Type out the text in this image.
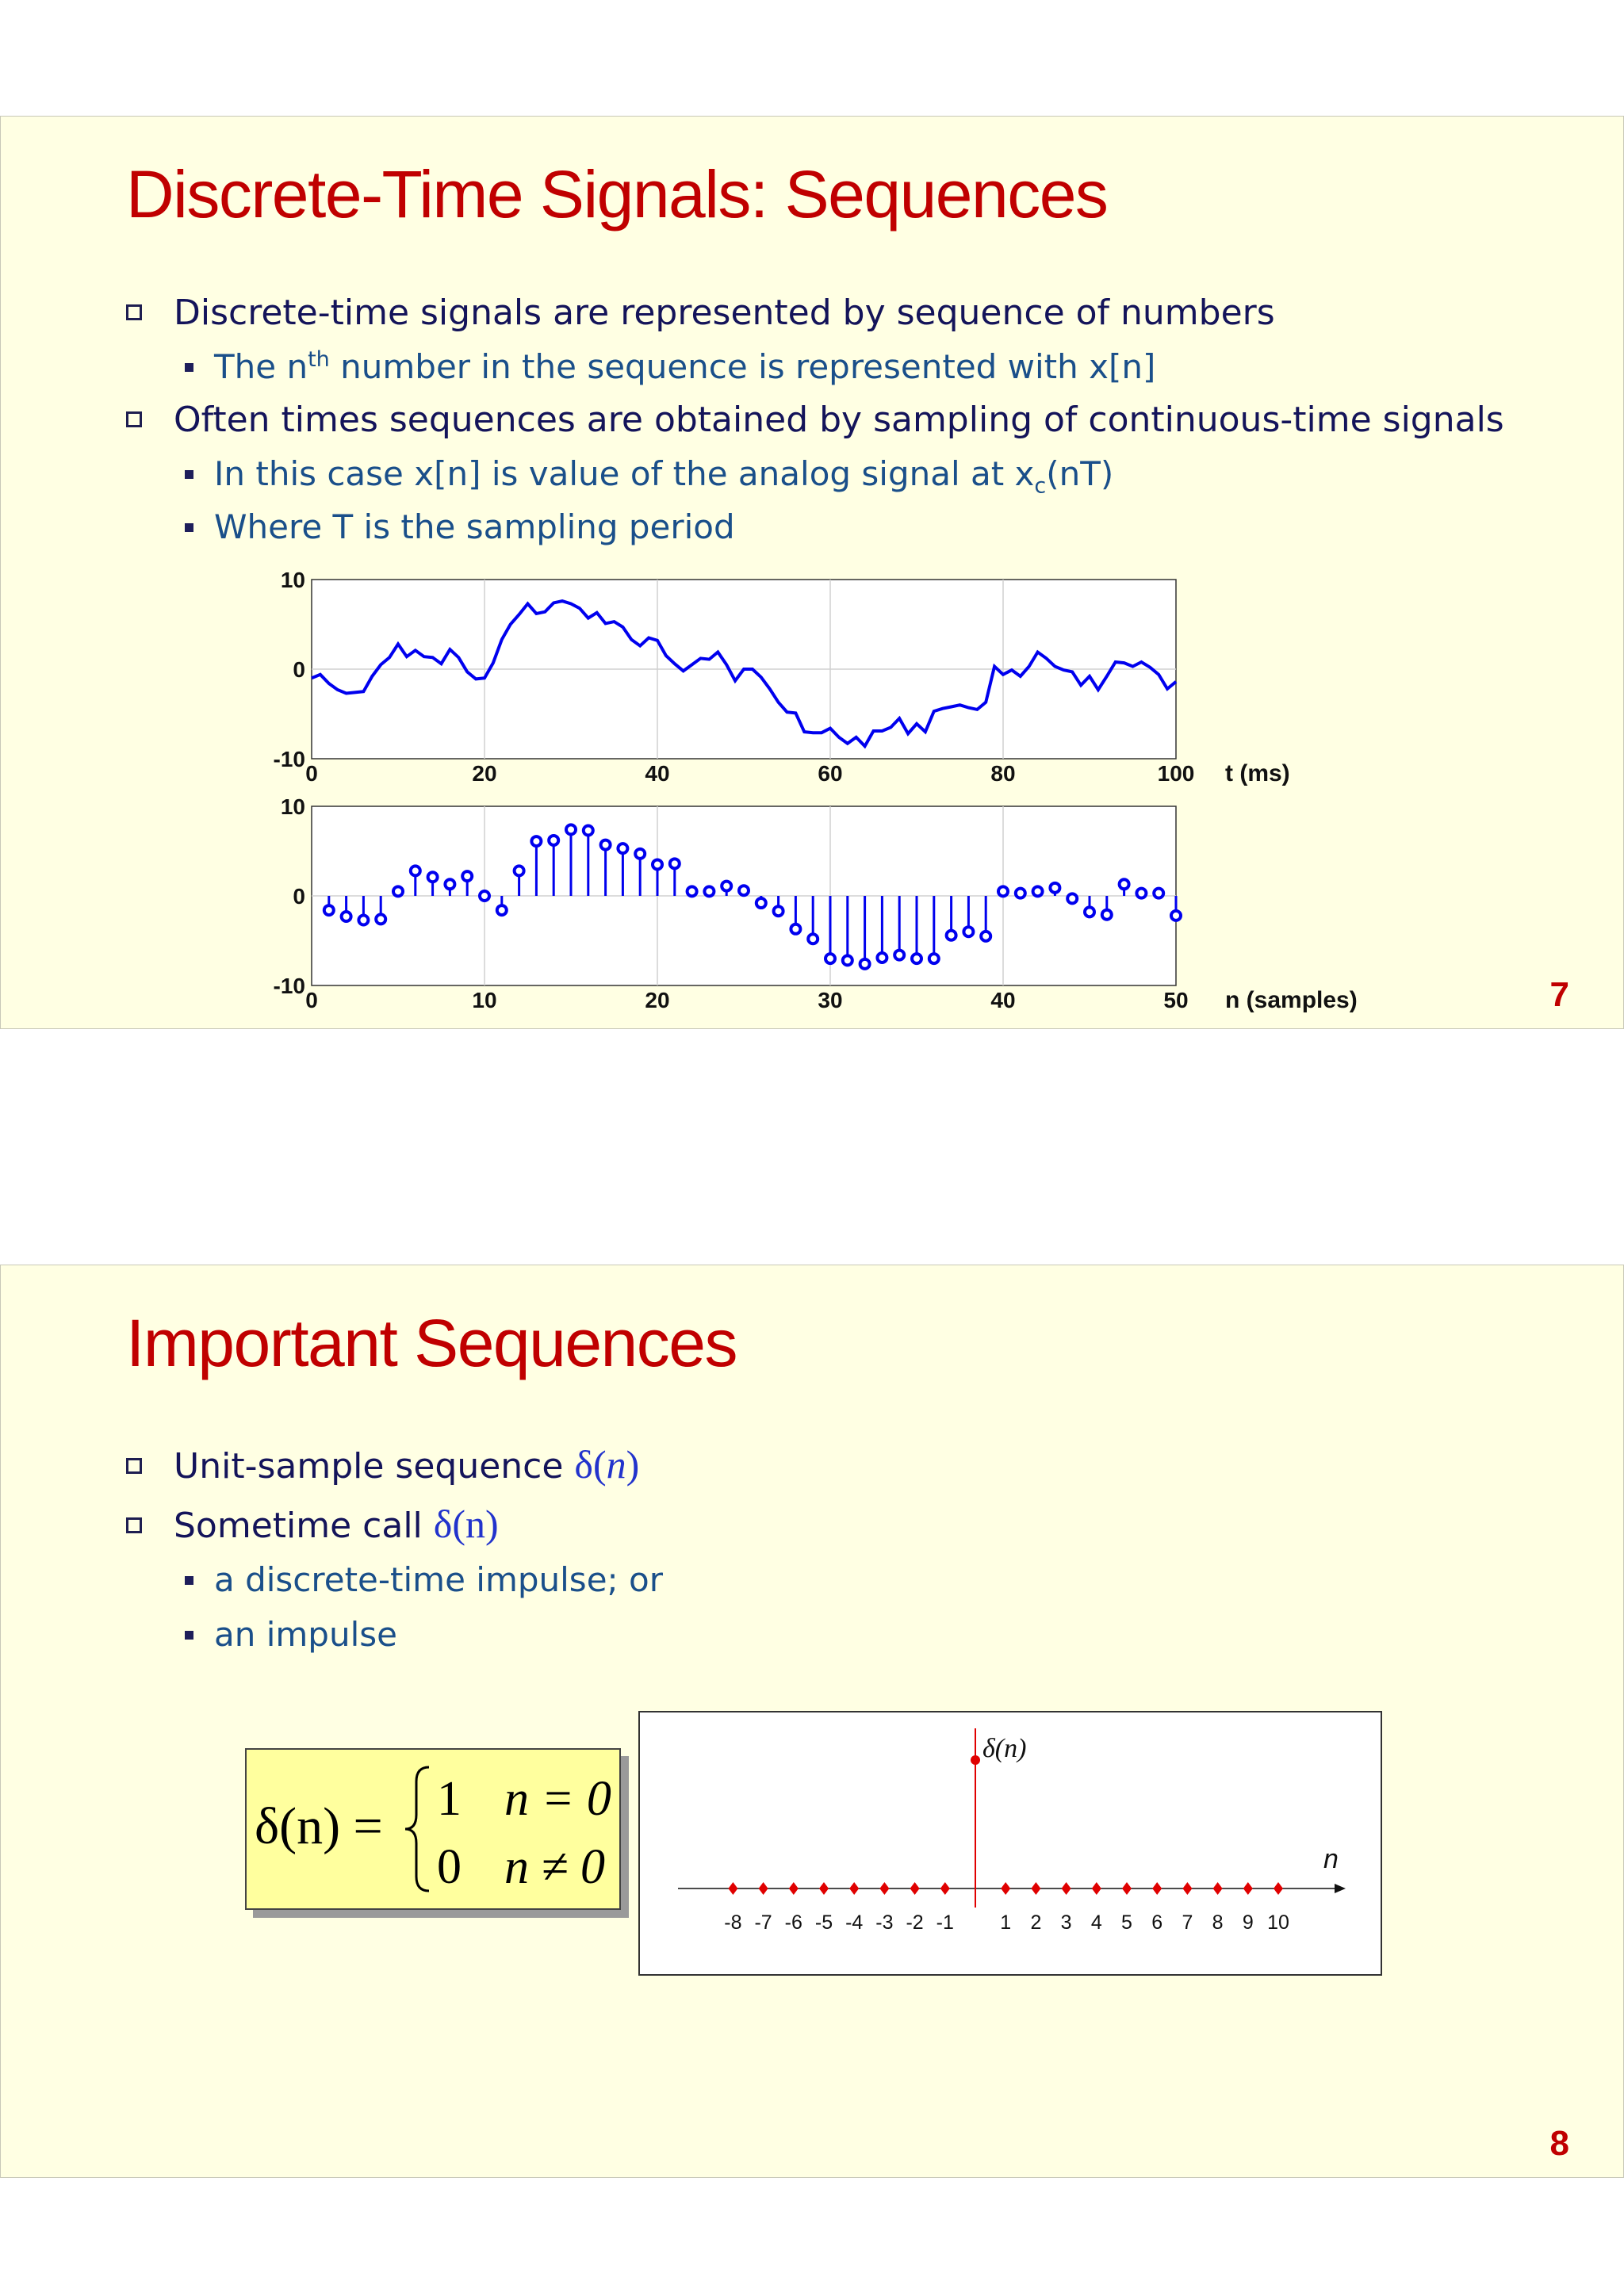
Discrete-Time Signals: Sequences
Discrete-time signals are represented by sequence of numbers
The $n^{th}$ number in the sequence is represented with x[n]
Often times sequences are obtained by sampling of continuous-time signals
In this case x[n] is value of the analog signal at $x_c(nT)$
Where T is the sampling period
0	20	40	60	80	100
-10
0
10
t (ms)
0	10	20	30	40	50
-10
0
10
n (samples)	7
Important Sequences
Unit-sample sequence δ(n)
Sometime call δ(n)
a discrete-time impulse; or
an impulse
δ(n) = 1 n = 0
0 n ≠ 0	n
-8 -7 -6 -5 -4 -3 -2 -1 1 2 3 4 5 6 7 8 9 10
δ(n)
8
